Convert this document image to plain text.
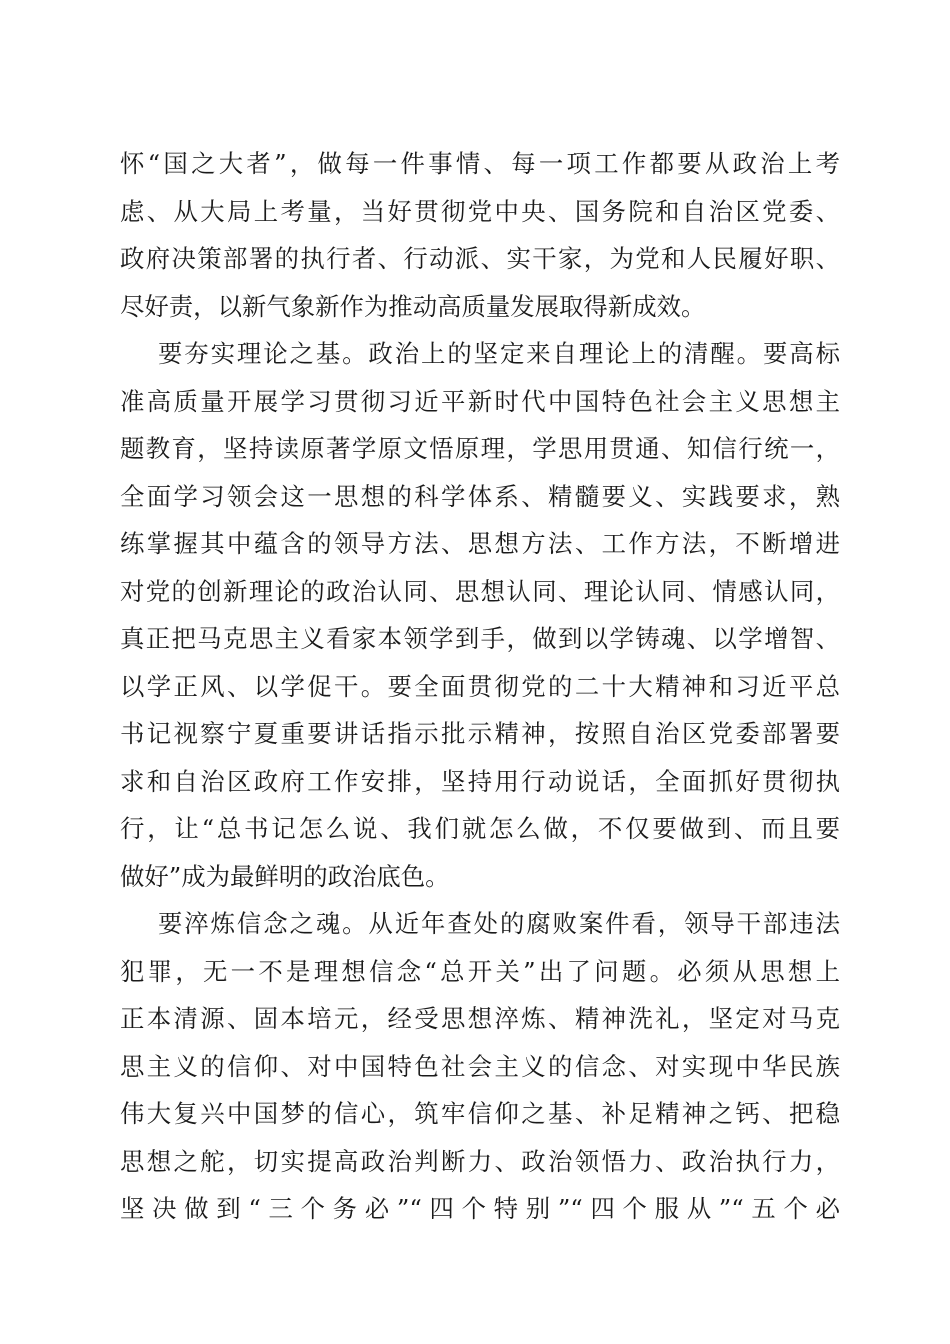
怀“国之大者”，做每一件事情、每一项工作都要从政治上考
虑、从大局上考量，当好贯彻党中央、国务院和自治区党委、
政府决策部署的执行者、行动派、实干家，为党和人民履好职、
尽好责，以新气象新作为推动高质量发展取得新成效。
要夯实理论之基。政治上的坚定来自理论上的清醒。要高标
准高质量开展学习贯彻习近平新时代中国特色社会主义思想主
题教育，坚持读原著学原文悟原理，学思用贯通、知信行统一，
全面学习领会这一思想的科学体系、精髓要义、实践要求，熟
练掌握其中蕴含的领导方法、思想方法、工作方法，不断增进
对党的创新理论的政治认同、思想认同、理论认同、情感认同，
真正把马克思主义看家本领学到手，做到以学铸魂、以学增智、
以学正风、以学促干。要全面贯彻党的二十大精神和习近平总
书记视察宁夏重要讲话指示批示精神，按照自治区党委部署要
求和自治区政府工作安排，坚持用行动说话，全面抓好贯彻执
行，让“总书记怎么说、我们就怎么做，不仅要做到、而且要
做好”成为最鲜明的政治底色。
要淬炼信念之魂。从近年查处的腐败案件看，领导干部违法
犯罪，无一不是理想信念“总开关”出了问题。必须从思想上
正本清源、固本培元，经受思想淬炼、精神洗礼，坚定对马克
思主义的信仰、对中国特色社会主义的信念、对实现中华民族
伟大复兴中国梦的信心，筑牢信仰之基、补足精神之钙、把稳
思想之舵，切实提高政治判断力、政治领悟力、政治执行力，
坚决做到“三个务必”“四个特别”“四个服从”“五个必
